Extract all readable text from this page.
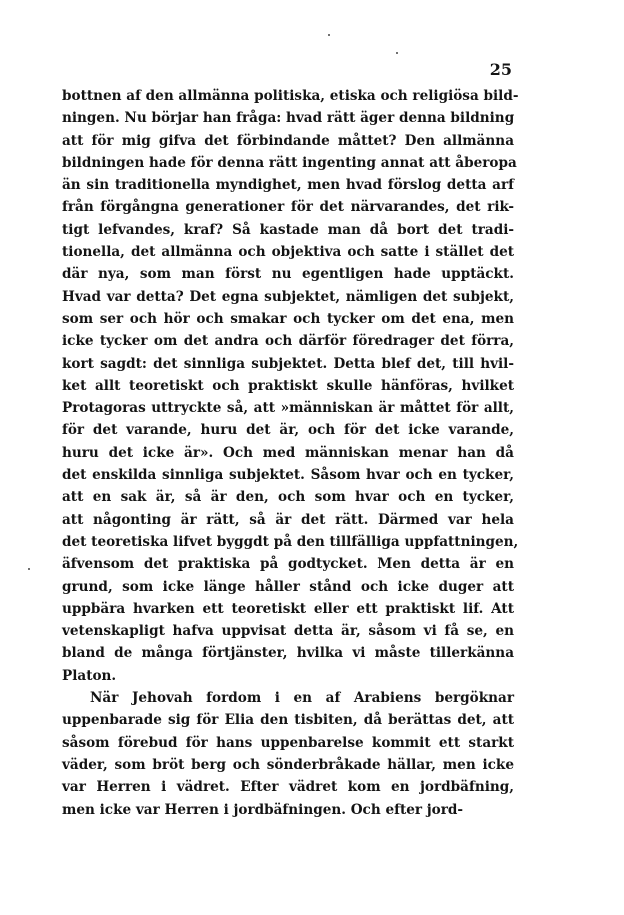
25
bottnen af den allmänna politiska, etiska och religiösa bild-
ningen. Nu börjar han fråga: hvad rätt äger denna bildning
att för mig gifva det förbindande måttet? Den allmänna
bildningen hade för denna rätt ingenting annat att åberopa
än sin traditionella myndighet, men hvad förslog detta arf
från förgångna generationer för det närvarandes, det rik-
tigt lefvandes, kraf? Så kastade man då bort det tradi-
tionella, det allmänna och objektiva och satte i stället det
där nya, som man först nu egentligen hade upptäckt.
Hvad var detta? Det egna subjektet, nämligen det subjekt,
som ser och hör och smakar och tycker om det ena, men
icke tycker om det andra och därför föredrager det förra,
kort sagdt: det sinnliga subjektet. Detta blef det, till hvil-
ket allt teoretiskt och praktiskt skulle hänföras, hvilket
Protagoras uttryckte så, att »människan är måttet för allt,
för det varande, huru det är, och för det icke varande,
huru det icke är». Och med människan menar han då
det enskilda sinnliga subjektet. Såsom hvar och en tycker,
att en sak är, så är den, och som hvar och en tycker,
att någonting är rätt, så är det rätt. Därmed var hela
det teoretiska lifvet byggdt på den tillfälliga uppfattningen,
äfvensom det praktiska på godtycket. Men detta är en
grund, som icke länge håller stånd och icke duger att
uppbära hvarken ett teoretiskt eller ett praktiskt lif. Att
vetenskapligt hafva uppvisat detta är, såsom vi få se, en
bland de många förtjänster, hvilka vi måste tillerkänna
Platon.
När Jehovah fordom i en af Arabiens bergöknar
uppenbarade sig för Elia den tisbiten, då berättas det, att
såsom förebud för hans uppenbarelse kommit ett starkt
väder, som bröt berg och sönderbråkade hällar, men icke
var Herren i vädret. Efter vädret kom en jordbäfning,
men icke var Herren i jordbäfningen. Och efter jord-
